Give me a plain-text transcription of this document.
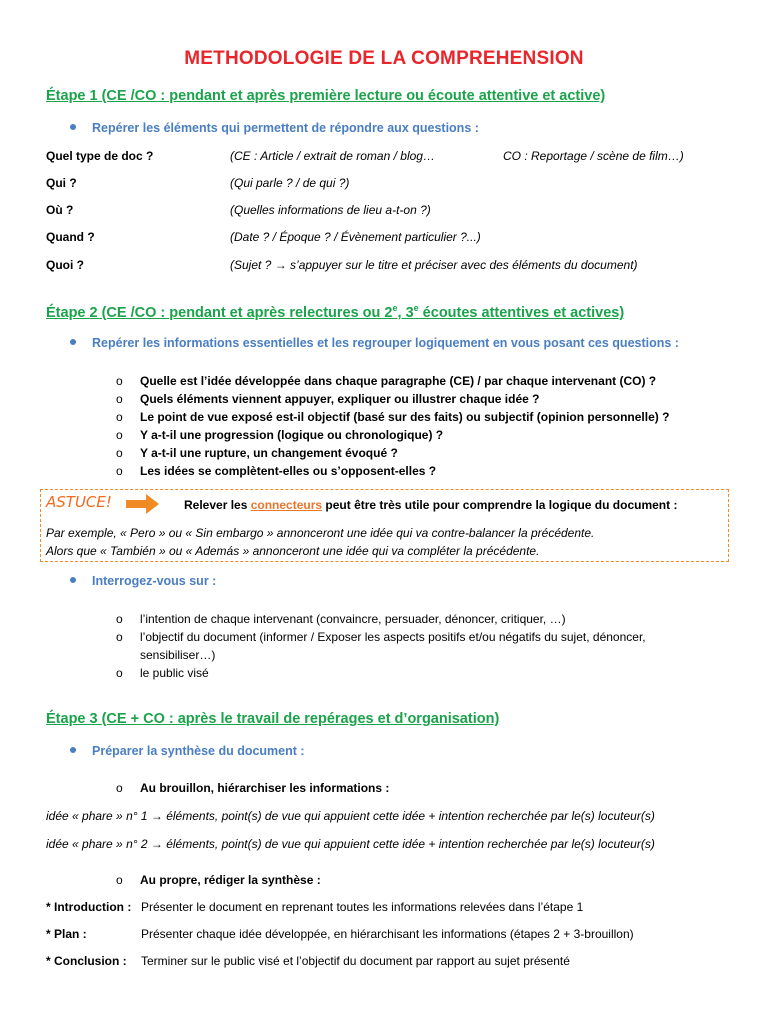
METHODOLOGIE DE LA COMPREHENSION
Étape 1 (CE /CO : pendant et après première lecture ou écoute attentive et active)
Repérer les éléments qui permettent de répondre aux questions :
Quel type de doc ?	(CE : Article / extrait de roman / blog…	CO : Reportage / scène de film…)
Qui ?	(Qui parle ? / de qui ?)
Où ?	(Quelles informations de lieu a-t-on ?)
Quand ?	(Date ? / Époque ? / Évènement particulier ?...)
Quoi ?	(Sujet ? → s’appuyer sur le titre et préciser avec des éléments du document)
Étape 2 (CE /CO : pendant et après relectures ou 2e, 3e écoutes attentives et actives)
Repérer les informations essentielles et les regrouper logiquement en vous posant ces questions :
o Quelle est l’idée développée dans chaque paragraphe (CE) / par chaque intervenant (CO) ?
o Quels éléments viennent appuyer, expliquer ou illustrer chaque idée ?
o Le point de vue exposé est-il objectif (basé sur des faits) ou subjectif (opinion personnelle) ?
o Y a-t-il une progression (logique ou chronologique) ?
o Y a-t-il une rupture, un changement évoqué ?
o Les idées se complètent-elles ou s’opposent-elles ?
ASTUCE!	Relever les connecteurs peut être très utile pour comprendre la logique du document :
Par exemple, « Pero » ou « Sin embargo » annonceront une idée qui va contre-balancer la précédente.
Alors que « También » ou « Además » annonceront une idée qui va compléter la précédente.
Interrogez-vous sur :
o l’intention de chaque intervenant (convaincre, persuader, dénoncer, critiquer, …)
o l’objectif du document (informer / Exposer les aspects positifs et/ou négatifs du sujet, dénoncer,
sensibiliser…)
o le public visé
Étape 3 (CE + CO : après le travail de repérages et d’organisation)
Préparer la synthèse du document :
o Au brouillon, hiérarchiser les informations :
idée « phare » n° 1 → éléments, point(s) de vue qui appuient cette idée + intention recherchée par le(s) locuteur(s)
idée « phare » n° 2 → éléments, point(s) de vue qui appuient cette idée + intention recherchée par le(s) locuteur(s)
o Au propre, rédiger la synthèse :
* Introduction : Présenter le document en reprenant toutes les informations relevées dans l’étape 1
* Plan :	Présenter chaque idée développée, en hiérarchisant les informations (étapes 2 + 3-brouillon)
* Conclusion : Terminer sur le public visé et l’objectif du document par rapport au sujet présenté
